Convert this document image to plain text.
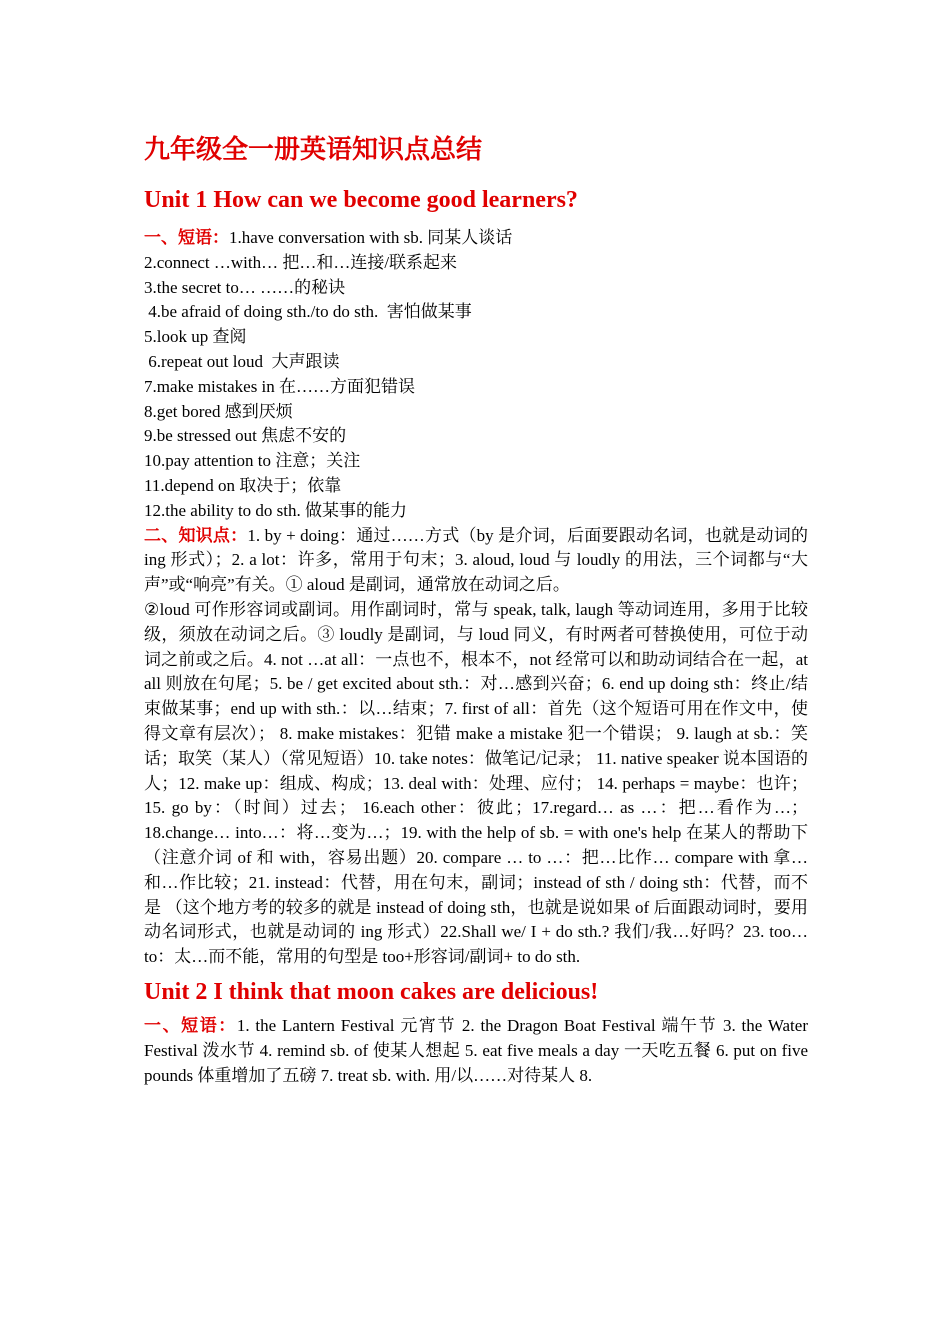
九年级全一册英语知识点总结
Unit 1 How can we become good learners?
一、短语：1.have conversation with sb. 同某人谈话
2.connect …with… 把…和…连接/联系起来
3.the secret to… ……的秘诀
4.be afraid of doing sth./to do sth.  害怕做某事
5.look up 查阅
6.repeat out loud  大声跟读
7.make mistakes in 在……方面犯错误
8.get bored 感到厌烦
9.be stressed out 焦虑不安的
10.pay attention to 注意；关注
11.depend on 取决于；依靠
12.the ability to do sth. 做某事的能力

二、知识点：1. by + doing：通过……方式（by 是介词，后面要跟动名词，也就是动词的 ing 形式）；2. a lot：许多，常用于句末；3. aloud, loud 与 loudly 的用法，三个词都与“大声”或“响亮”有关。① aloud 是副词，通常放在动词之后。

②loud 可作形容词或副词。用作副词时，常与 speak, talk, laugh 等动词连用，多用于比较级，须放在动词之后。③ loudly 是副词，与 loud 同义，有时两者可替换使用，可位于动词之前或之后。4. not …at all：一点也不，根本不，not 经常可以和助动词结合在一起，at all 则放在句尾；5. be / get excited about sth.：对…感到兴奋；6. end up doing sth：终止/结束做某事；end up with sth.：以…结束；7. first of all：首先（这个短语可用在作文中，使得文章有层次）； 8. make mistakes：犯错 make a mistake 犯一个错误； 9. laugh at sb.：笑话；取笑（某人）（常见短语）10. take notes：做笔记/记录； 11. native speaker 说本国语的人；12. make up：组成、构成；13. deal with：处理、应付； 14. perhaps = maybe：也许；15. go by：（时间）过去； 16.each other：彼此；17.regard… as …：把…看作为…； 18.change… into…：将…变为…；19. with the help of sb. = with one's help 在某人的帮助下（注意介词 of 和 with，容易出题）20. compare … to …：把…比作… compare with 拿…和…作比较；21. instead：代替，用在句末，副词；instead of sth / doing sth：代替，而不是 （这个地方考的较多的就是 instead of doing sth，也就是说如果 of 后面跟动词时，要用动名词形式，也就是动词的 ing 形式）22.Shall we/ I + do sth.? 我们/我…好吗？23. too…to：太…而不能，常用的句型是 too+形容词/副词+ to do sth.

Unit 2 I think that moon cakes are delicious!

一、短语：1. the Lantern Festival 元宵节 2. the Dragon Boat Festival 端午节 3. the Water Festival 泼水节 4. remind sb. of 使某人想起 5. eat five meals a day 一天吃五餐 6. put on five pounds 体重增加了五磅 7. treat sb. with. 用/以……对待某人 8.
